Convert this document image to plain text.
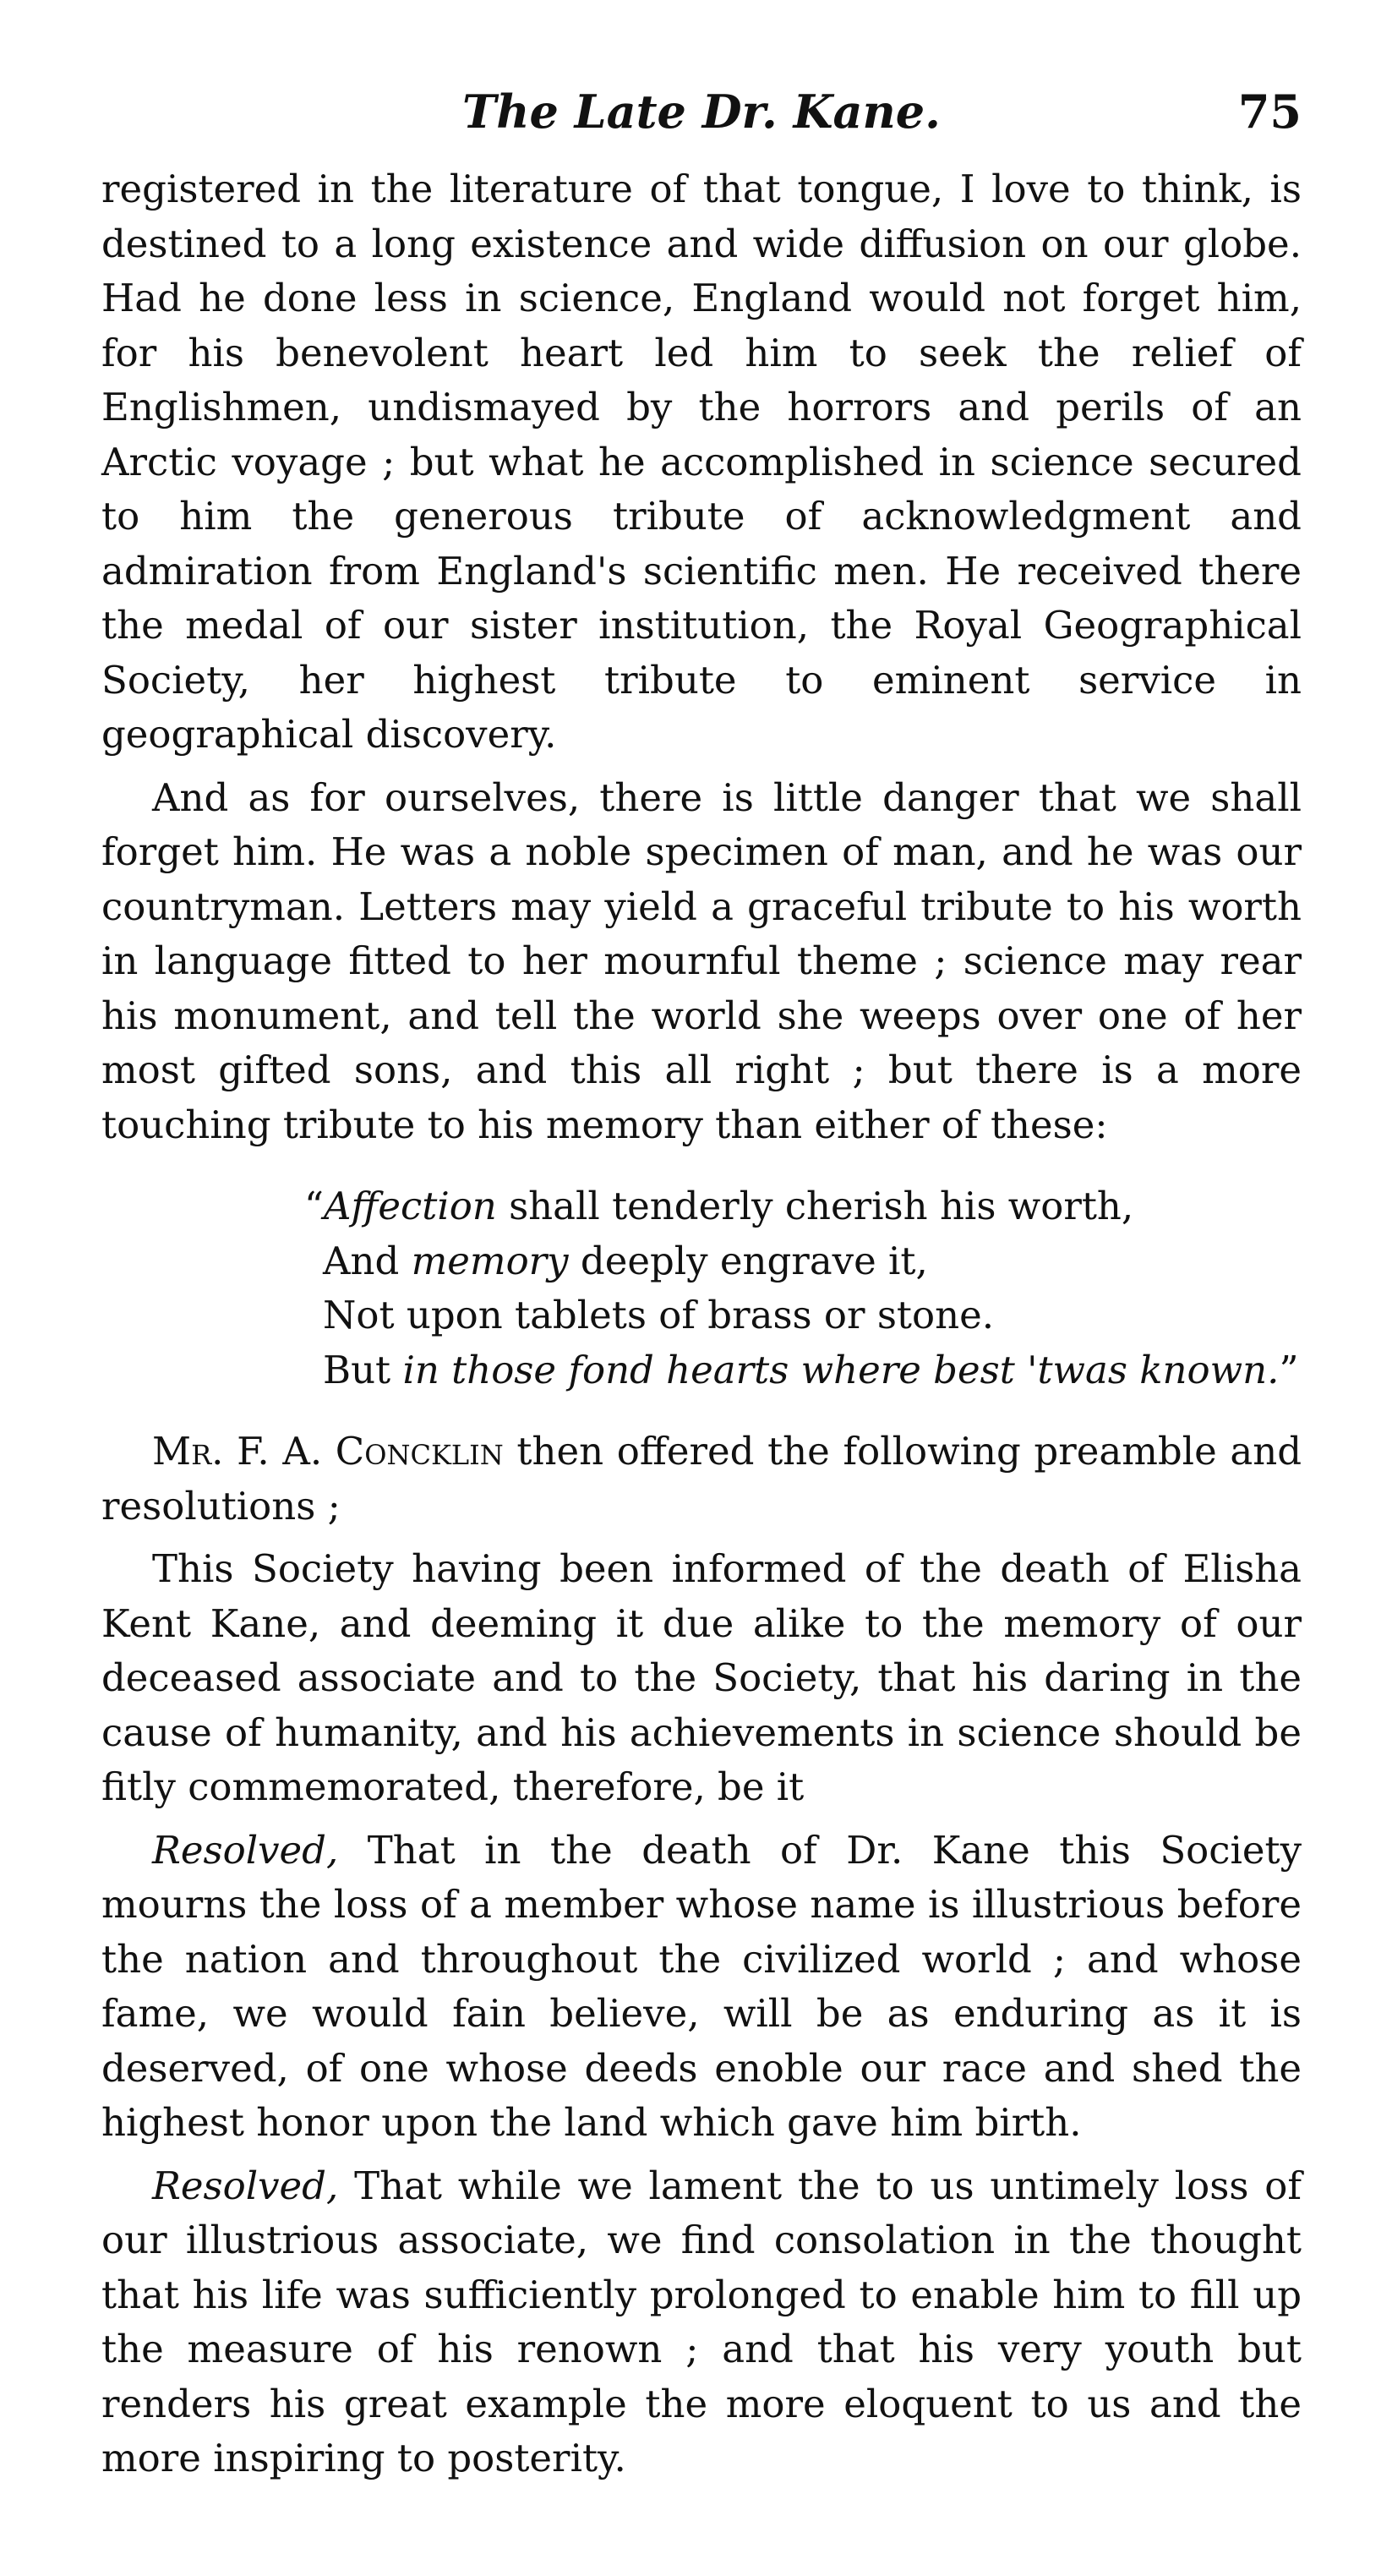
The Late Dr. Kane.	75

registered in the literature of that tongue, I love to think, is destined to a long existence and wide diffusion on our globe. Had he done less in science, England would not forget him, for his benevolent heart led him to seek the relief of Englishmen, undismayed by the horrors and perils of an Arctic voyage ; but what he accomplished in science secured to him the generous tribute of acknowledgment and admiration from England's scientific men. He received there the medal of our sister institution, the Royal Geographical Society, her highest tribute to eminent service in geographical discovery.

And as for ourselves, there is little danger that we shall forget him. He was a noble specimen of man, and he was our countryman. Letters may yield a graceful tribute to his worth in language fitted to her mournful theme ; science may rear his monument, and tell the world she weeps over one of her most gifted sons, and this all right ; but there is a more touching tribute to his memory than either of these:

“Affection shall tenderly cherish his worth,
And memory deeply engrave it,
Not upon tablets of brass or stone.
But in those fond hearts where best 'twas known.”

Mr. F. A. Concklin then offered the following preamble and resolutions ;

This Society having been informed of the death of Elisha Kent Kane, and deeming it due alike to the memory of our deceased associate and to the Society, that his daring in the cause of humanity, and his achievements in science should be fitly commemorated, therefore, be it

Resolved, That in the death of Dr. Kane this Society mourns the loss of a member whose name is illustrious before the nation and throughout the civilized world ; and whose fame, we would fain believe, will be as enduring as it is deserved, of one whose deeds enoble our race and shed the highest honor upon the land which gave him birth.

Resolved, That while we lament the to us untimely loss of our illustrious associate, we find consolation in the thought that his life was sufficiently prolonged to enable him to fill up the measure of his renown ; and that his very youth but renders his great example the more eloquent to us and the more inspiring to posterity.
